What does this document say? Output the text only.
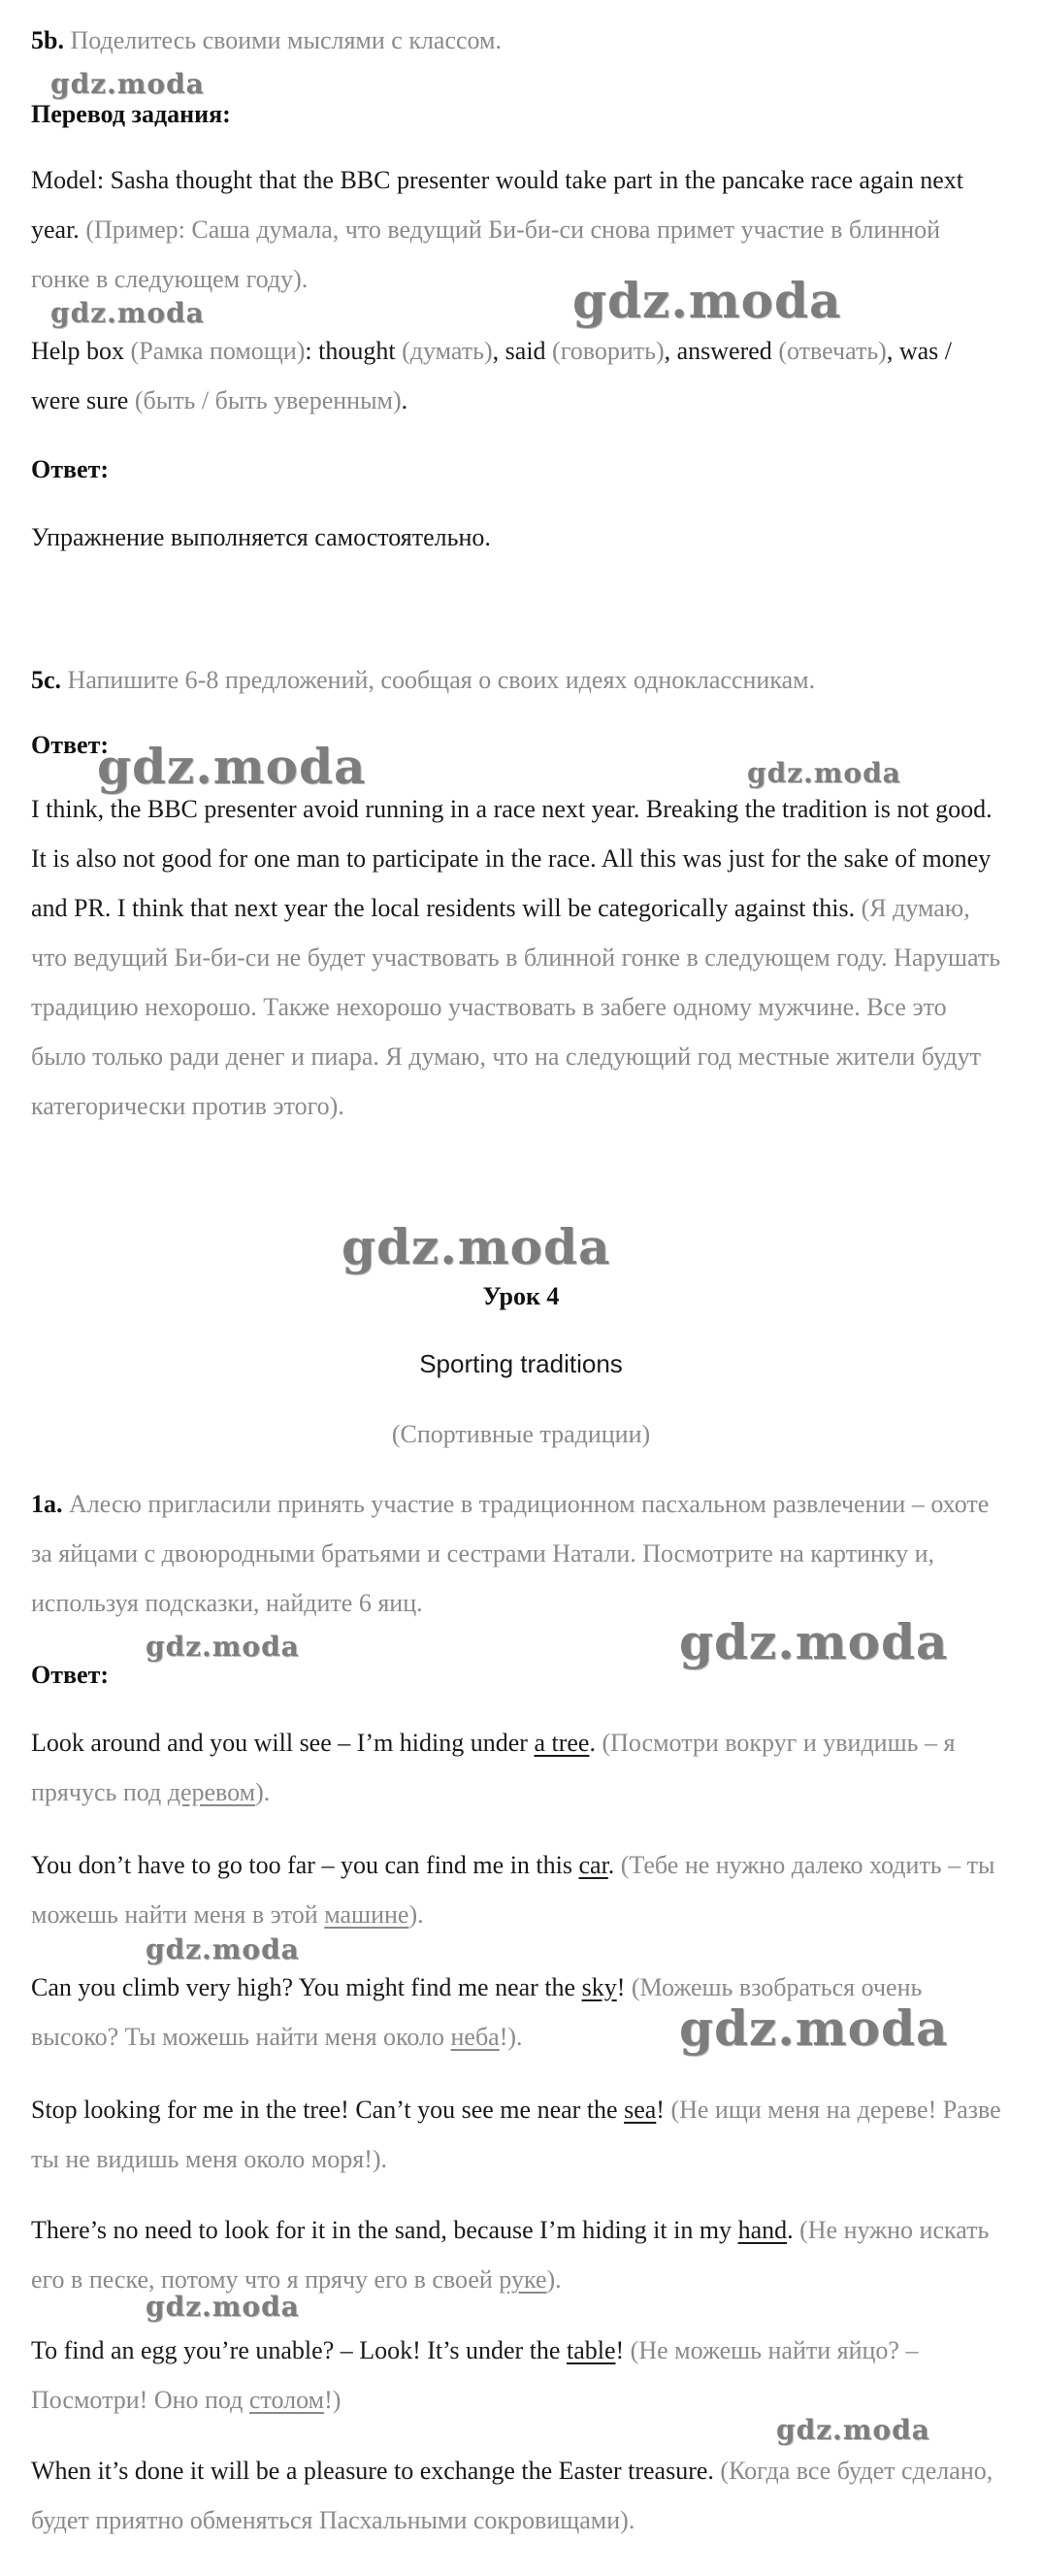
5b. Поделитесь своими мыслями с классом.
Перевод задания:
Model: Sasha thought that the BBC presenter would take part in the pancake race again next year. (Пример: Саша думала, что ведущий Би-би-си снова примет участие в блинной гонке в следующем году).
Help box (Рамка помощи): thought (думать), said (говорить), answered (отвечать), was / were sure (быть / быть уверенным).
Ответ:
Упражнение выполняется самостоятельно.
5c. Напишите 6-8 предложений, сообщая о своих идеях одноклассникам.
Ответ:
I think, the BBC presenter avoid running in a race next year. Breaking the tradition is not good. It is also not good for one man to participate in the race. All this was just for the sake of money and PR. I think that next year the local residents will be categorically against this. (Я думаю, что ведущий Би-би-си не будет участвовать в блинной гонке в следующем году. Нарушать традицию нехорошо. Также нехорошо участвовать в забеге одному мужчине. Все это было только ради денег и пиара. Я думаю, что на следующий год местные жители будут категорически против этого).
Урок 4
Sporting traditions
(Спортивные традиции)
1a. Алесю пригласили принять участие в традиционном пасхальном развлечении – охоте за яйцами с двоюродными братьями и сестрами Натали. Посмотрите на картинку и, используя подсказки, найдите 6 яиц.
Ответ:
Look around and you will see – I’m hiding under a tree. (Посмотри вокруг и увидишь – я прячусь под деревом).
You don’t have to go too far – you can find me in this car. (Тебе не нужно далеко ходить – ты можешь найти меня в этой машине).
Can you climb very high? You might find me near the sky! (Можешь взобраться очень высоко? Ты можешь найти меня около неба!).
Stop looking for me in the tree! Can’t you see me near the sea! (Не ищи меня на дереве! Разве ты не видишь меня около моря!).
There’s no need to look for it in the sand, because I’m hiding it in my hand. (Не нужно искать его в песке, потому что я прячу его в своей руке).
To find an egg you’re unable? – Look! It’s under the table! (Не можешь найти яйцо? – Посмотри! Оно под столом!)
When it’s done it will be a pleasure to exchange the Easter treasure. (Когда все будет сделано, будет приятно обменяться Пасхальными сокровищами).
gdz.moda
gdz.moda	gdz.moda
gdz.moda	gdz.moda
gdz.moda
gdz.moda	gdz.moda
gdz.moda
gdz.moda
gdz.moda
gdz.moda
